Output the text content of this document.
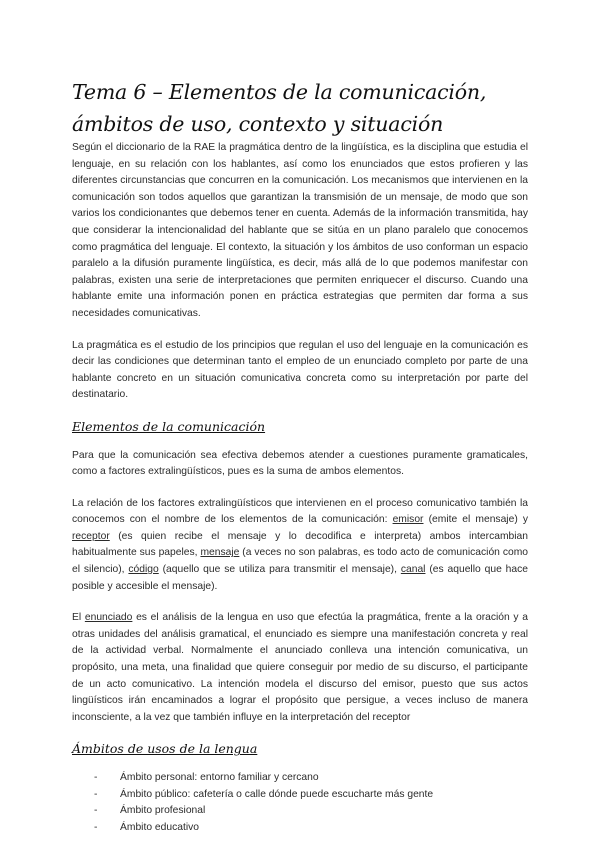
Tema 6 – Elementos de la comunicación, ámbitos de uso, contexto y situación

Según el diccionario de la RAE la pragmática dentro de la lingüística, es la disciplina que estudia el lenguaje, en su relación con los hablantes, así como los enunciados que estos profieren y las diferentes circunstancias que concurren en la comunicación. Los mecanismos que intervienen en la comunicación son todos aquellos que garantizan la transmisión de un mensaje, de modo que son varios los condicionantes que debemos tener en cuenta. Además de la información transmitida, hay que considerar la intencionalidad del hablante que se sitúa en un plano paralelo que conocemos como pragmática del lenguaje. El contexto, la situación y los ámbitos de uso conforman un espacio paralelo a la difusión puramente lingüística, es decir, más allá de lo que podemos manifestar con palabras, existen una serie de interpretaciones que permiten enriquecer el discurso. Cuando una hablante emite una información ponen en práctica estrategias que permiten dar forma a sus necesidades comunicativas.

La pragmática es el estudio de los principios que regulan el uso del lenguaje en la comunicación es decir las condiciones que determinan tanto el empleo de un enunciado completo por parte de una hablante concreto en un situación comunicativa concreta como su interpretación por parte del destinatario.

Elementos de la comunicación

Para que la comunicación sea efectiva debemos atender a cuestiones puramente gramaticales, como a factores extralingüísticos, pues es la suma de ambos elementos.

La relación de los factores extralingüísticos que intervienen en el proceso comunicativo también la conocemos con el nombre de los elementos de la comunicación: emisor (emite el mensaje) y receptor (es quien recibe el mensaje y lo decodifica e interpreta) ambos intercambian habitualmente sus papeles, mensaje (a veces no son palabras, es todo acto de comunicación como el silencio), código (aquello que se utiliza para transmitir el mensaje), canal (es aquello que hace posible y accesible el mensaje).

El enunciado es el análisis de la lengua en uso que efectúa la pragmática, frente a la oración y a otras unidades del análisis gramatical, el enunciado es siempre una manifestación concreta y real de la actividad verbal. Normalmente el anunciado conlleva una intención comunicativa, un propósito, una meta, una finalidad que quiere conseguir por medio de su discurso, el participante de un acto comunicativo. La intención modela el discurso del emisor, puesto que sus actos lingüísticos irán encaminados a lograr el propósito que persigue, a veces incluso de manera inconsciente, a la vez que también influye en la interpretación del receptor

Ámbitos de usos de la lengua
- Ámbito personal: entorno familiar y cercano
- Ámbito público: cafetería o calle dónde puede escucharte más gente
- Ámbito profesional
- Ámbito educativo
